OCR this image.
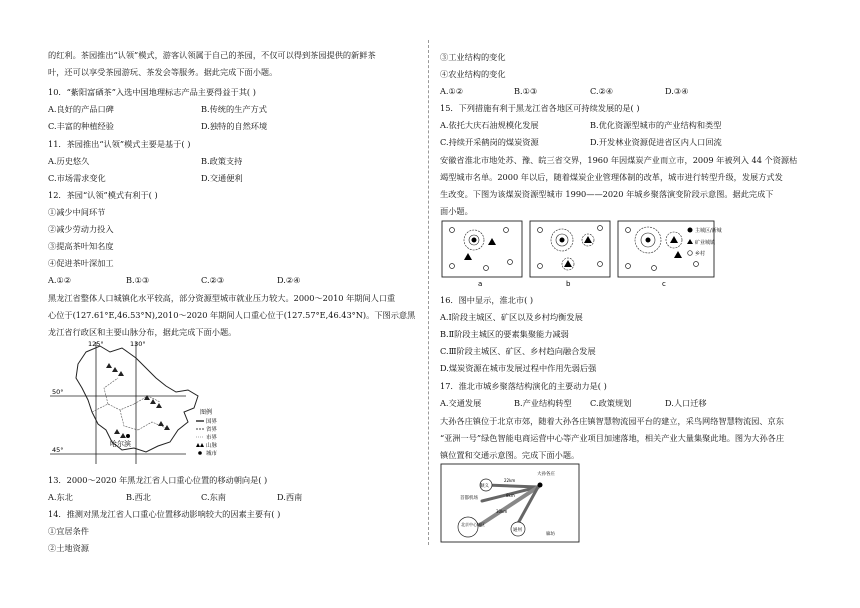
的红利。茶园推出“认领”模式，游客认领属于自己的茶园，不仅可以得到茶园提供的新鲜茶
叶，还可以享受茶园游玩、茶发会等服务。据此完成下面小题。
10．“紫阳富硒茶”入选中国地理标志产品主要得益于其( )
A.良好的产品口碑	B.传统的生产方式
C.丰富的种植经验	D.独特的自然环境
11．茶园推出“认领”模式主要是基于( )
A.历史悠久	B.政策支持
C.市场需求变化	D.交通便利
12．茶园“认领”模式有利于( )
①减少中间环节
②减少劳动力投入
③提高茶叶知名度
④促进茶叶深加工
A.①②	B.①③	C.②③	D.②④
黑龙江省整体人口城镇化水平较高，部分资源型城市就业压力较大。2000～2010 年期间人口重
心位于(127.61°E,46.53°N),2010～2020 年期间人口重心位于(127.57°E,46.43°N)。下图示意黑
龙江省行政区和主要山脉分布，据此完成下面小题。
125°	130°
50°
45°
哈尔滨
图例
国界
省界
市界
山脉
城市
13．2000～2020 年黑龙江省人口重心位置的移动朝向是( )
A.东北	B.西北	C.东南	D.西南
14．推测对黑龙江省人口重心位置移动影响较大的因素主要有( )
①宜居条件
②土地资源
③工业结构的变化
④农业结构的变化
A.①②	B.①③	C.②④	D.③④
15．下列措施有利于黑龙江省各地区可持续发展的是( )
A.依托大庆石油规模化发展	B.优化资源型城市的产业结构和类型
C.持续开采鹤岗的煤炭资源	D.开发林业资源促进省区内人口回流
安徽省淮北市地处苏、豫、皖三省交界，1960 年因煤炭产业而立市，2009 年被列入 44 个资源枯
竭型城市名单。2000 年以后，随着煤炭企业管理体制的改革，城市进行转型升级，发展方式发
生改变。下图为该煤炭资源型城市 1990——2020 年城乡聚落演变阶段示意图。据此完成下
面小题。
a	b	c
主城区/新城
矿业城镇
乡村
16．图中显示，淮北市( )
A.Ⅰ阶段主城区、矿区以及乡村均衡发展
B.Ⅱ阶段主城区的要素集聚能力减弱
C.Ⅲ阶段主城区、矿区、乡村趋向融合发展
D.煤炭资源在城市发展过程中作用先弱后强
17．淮北市城乡聚落结构演化的主要动力是( )
A.交通发展	B.产业结构转型 C.政策规划	D.人口迁移
大孙各庄镇位于北京市郊，随着大孙各庄镇智慧物流园平台的建立，采鸟网络智慧物流园、京东
“亚洲一号”绿色智能电商运营中心等产业项目加速落地，相关产业大量集聚此地。图为大孙各庄
镇位置和交通示意图。完成下面小题。
顺义
大孙各庄
首都机场
北京中心城区
通州
廊坊
22km
8km
30km
